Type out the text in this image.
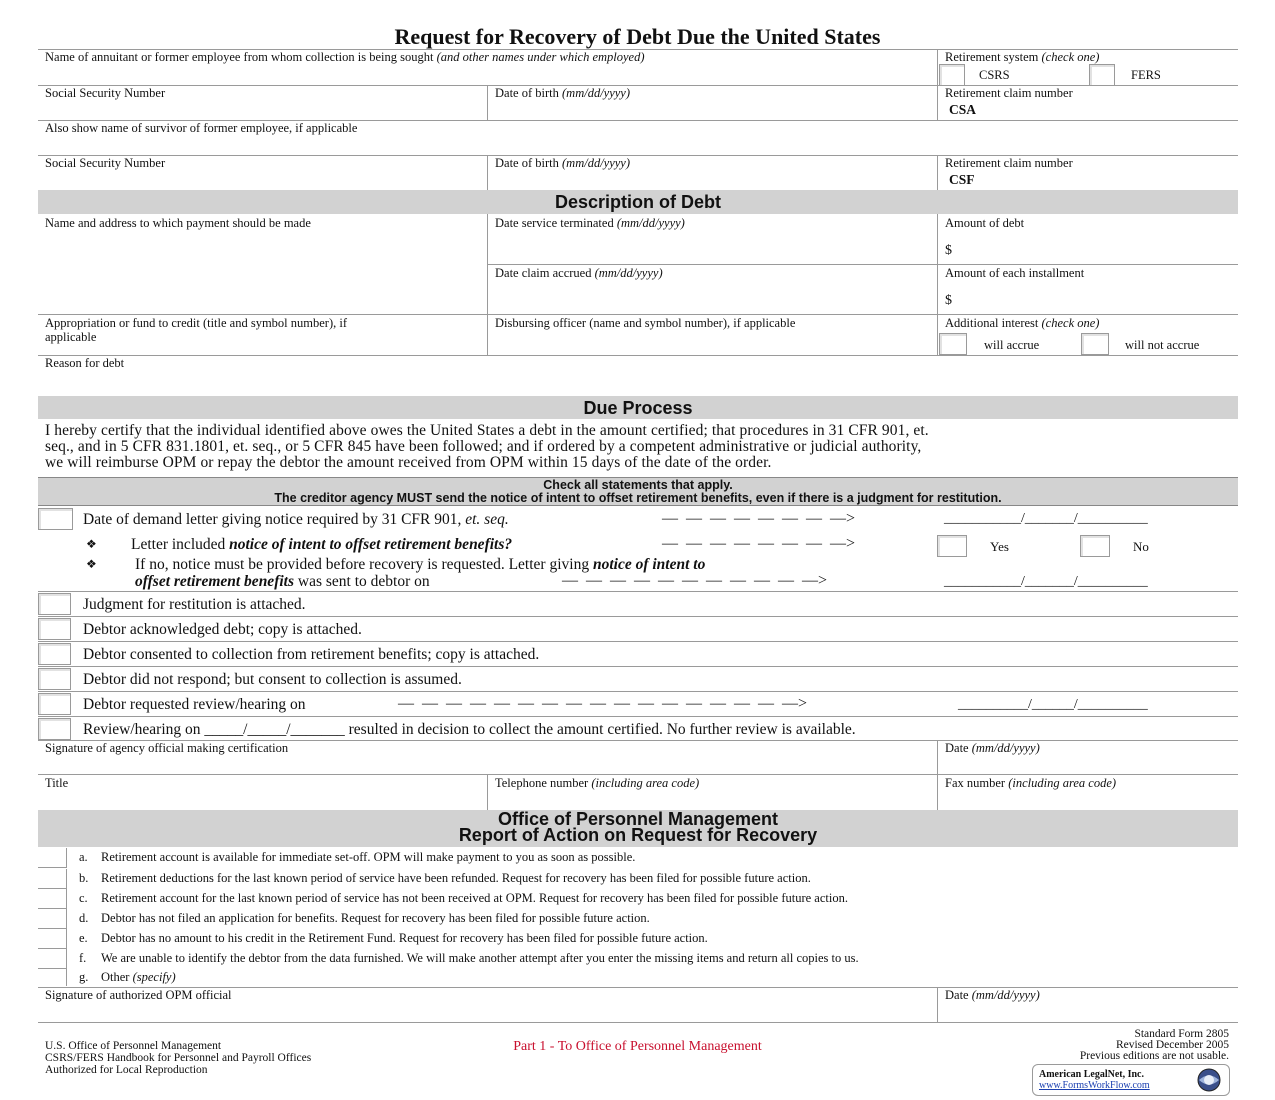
Request for Recovery of Debt Due the United States
Name of annuitant or former employee from whom collection is being sought (and other names under which employed)	Retirement system (check one)
CSRS	FERS
Social Security Number	Date of birth (mm/dd/yyyy)	Retirement claim number
CSA
Also show name of survivor of former employee, if applicable
Social Security Number	Date of birth (mm/dd/yyyy)	Retirement claim number
CSF
Description of Debt
Name and address to which payment should be made	Date service terminated (mm/dd/yyyy)	Amount of debt
$
Date claim accrued (mm/dd/yyyy)	Amount of each installment
$
Appropriation or fund to credit (title and symbol number), if
applicable
Disbursing officer (name and symbol number), if applicable	Additional interest (check one)
will accrue	will not accrue
Reason for debt
Due Process
I hereby certify that the individual identified above owes the United States a debt in the amount certified; that procedures in 31 CFR 901, et.
seq., and in 5 CFR 831.1801, et. seq., or 5 CFR 845 have been followed; and if ordered by a competent administrative or judicial authority,
we will reimburse OPM or repay the debtor the amount received from OPM within 15 days of the date of the order.
Check all statements that apply.
The creditor agency MUST send the notice of intent to offset retirement benefits, even if there is a judgment for restitution.
Date of demand letter giving notice required by 31 CFR 901, et. seq.	—  —  —  —  —  —  —  —>	___________/_______/__________
❖ Letter included notice of intent to offset retirement benefits?	—  —  —  —  —  —  —  —>	Yes	No
❖ If no, notice must be provided before recovery is requested. Letter giving notice of intent to
offset retirement benefits was sent to debtor on	—  —  —  —  —  —  —  —  —  —  —>	___________/_______/__________
Judgment for restitution is attached.
Debtor acknowledged debt; copy is attached.
Debtor consented to collection from retirement benefits; copy is attached.
Debtor did not respond; but consent to collection is assumed.
Debtor requested review/hearing on	—  —  —  —  —  —  —  —  —  —  —  —  —  —  —  —  —>	__________/______/__________
Review/hearing on _____/_____/_______ resulted in decision to collect the amount certified. No further review is available.
Signature of agency official making certification	Date (mm/dd/yyyy)
Title	Telephone number (including area code)	Fax number (including area code)
Office of Personnel Management
Report of Action on Request for Recovery
a. Retirement account is available for immediate set-off. OPM will make payment to you as soon as possible.
b. Retirement deductions for the last known period of service have been refunded. Request for recovery has been filed for possible future action.
c. Retirement account for the last known period of service has not been received at OPM. Request for recovery has been filed for possible future action.
d. Debtor has not filed an application for benefits. Request for recovery has been filed for possible future action.
e. Debtor has no amount to his credit in the Retirement Fund. Request for recovery has been filed for possible future action.
f. We are unable to identify the debtor from the data furnished. We will make another attempt after you enter the missing items and return all copies to us.
g. Other (specify)
Signature of authorized OPM official	Date (mm/dd/yyyy)
U.S. Office of Personnel Management
CSRS/FERS Handbook for Personnel and Payroll Offices
Authorized for Local Reproduction
Part 1 - To Office of Personnel Management
Standard Form 2805
Revised December 2005
Previous editions are not usable.
American LegalNet, Inc.
www.FormsWorkFlow.com
